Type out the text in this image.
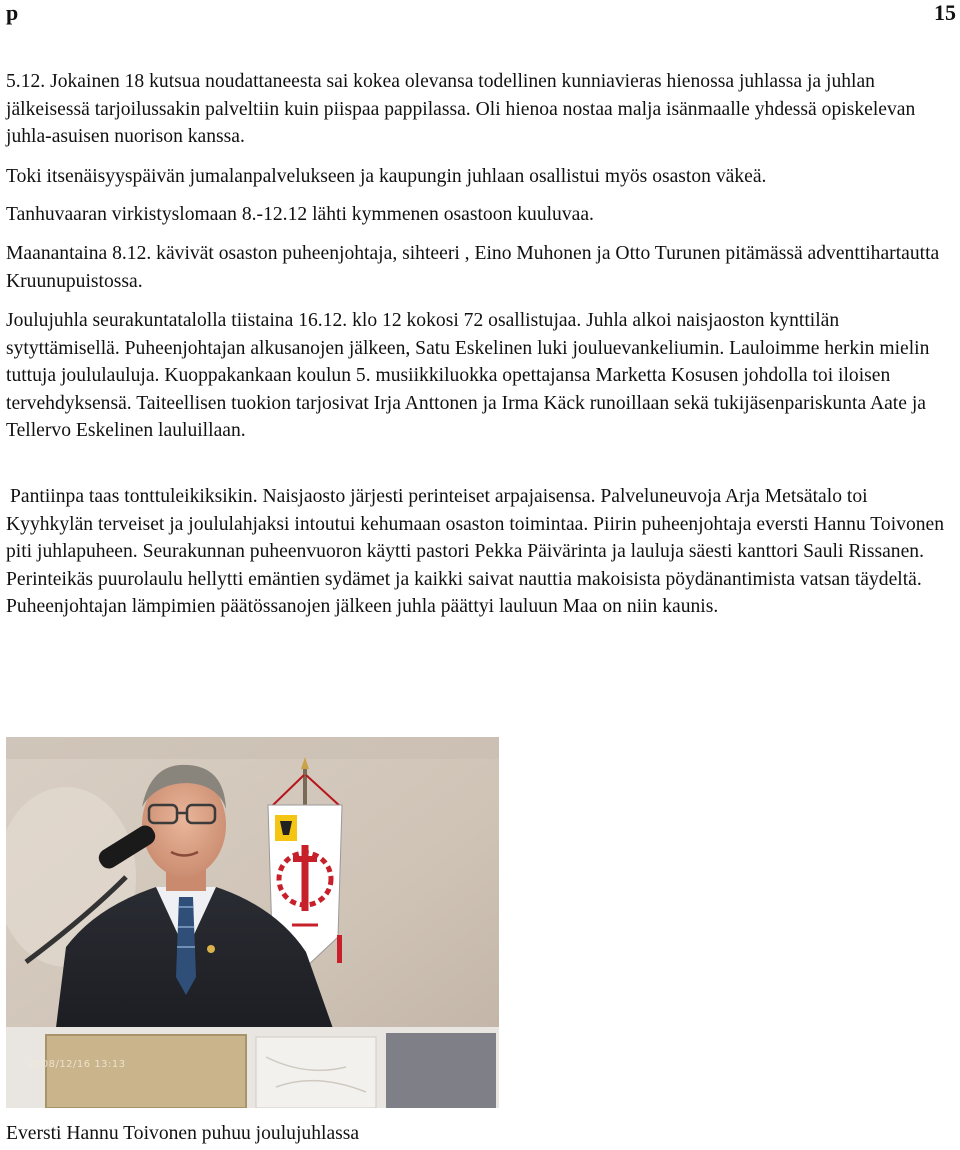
p	15

5.12. Jokainen 18 kutsua noudattaneesta sai kokea olevansa todellinen kunniavieras hienossa juhlassa ja juhlan jälkeisessä tarjoilussakin palveltiin kuin piispaa pappilassa. Oli hienoa nostaa malja isänmaalle yhdessä opiskelevan juhla-asuisen nuorison kanssa.

Toki itsenäisyyspäivän jumalanpalvelukseen ja kaupungin juhlaan osallistui myös osaston väkeä.

Tanhuvaaran virkistyslomaan 8.-12.12 lähti kymmenen osastoon kuuluvaa.

Maanantaina 8.12. kävivät osaston puheenjohtaja, sihteeri , Eino Muhonen ja Otto Turunen pitämässä adventtihartautta Kruunupuistossa.

Joulujuhla seurakuntatalolla tiistaina 16.12. klo 12 kokosi 72 osallistujaa. Juhla alkoi naisjaoston kynttilän sytyttämisellä. Puheenjohtajan alkusanojen jälkeen, Satu Eskelinen luki jouluevankeliumin. Lauloimme herkin mielin tuttuja joululauluja. Kuoppakankaan koulun 5. musiikkiluokka opettajansa Marketta Kosusen johdolla toi iloisen tervehdyksensä. Taiteellisen tuokion tarjosivat Irja Anttonen ja Irma Käck runoillaan sekä tukijäsenpariskunta Aate ja Tellervo Eskelinen lauluillaan.

Pantiinpa taas tonttuleikiksikin. Naisjaosto järjesti perinteiset arpajaisensa. Palveluneuvoja Arja Metsätalo toi Kyyhkylän terveiset ja joululahjaksi intoutui kehumaan osaston toimintaa. Piirin puheenjohtaja eversti Hannu Toivonen piti juhlapuheen. Seurakunnan puheenvuoron käytti pastori Pekka Päivärinta ja lauluja säesti kanttori Sauli Rissanen. Perinteikäs puurolaulu hellytti emäntien sydämet ja kaikki saivat nauttia makoisista pöydänantimista vatsan täydeltä. Puheenjohtajan lämpimien päätössanojen jälkeen juhla päättyi lauluun Maa on niin kaunis.

2008/12/16 13:13
Eversti Hannu Toivonen puhuu joulujuhlassa
